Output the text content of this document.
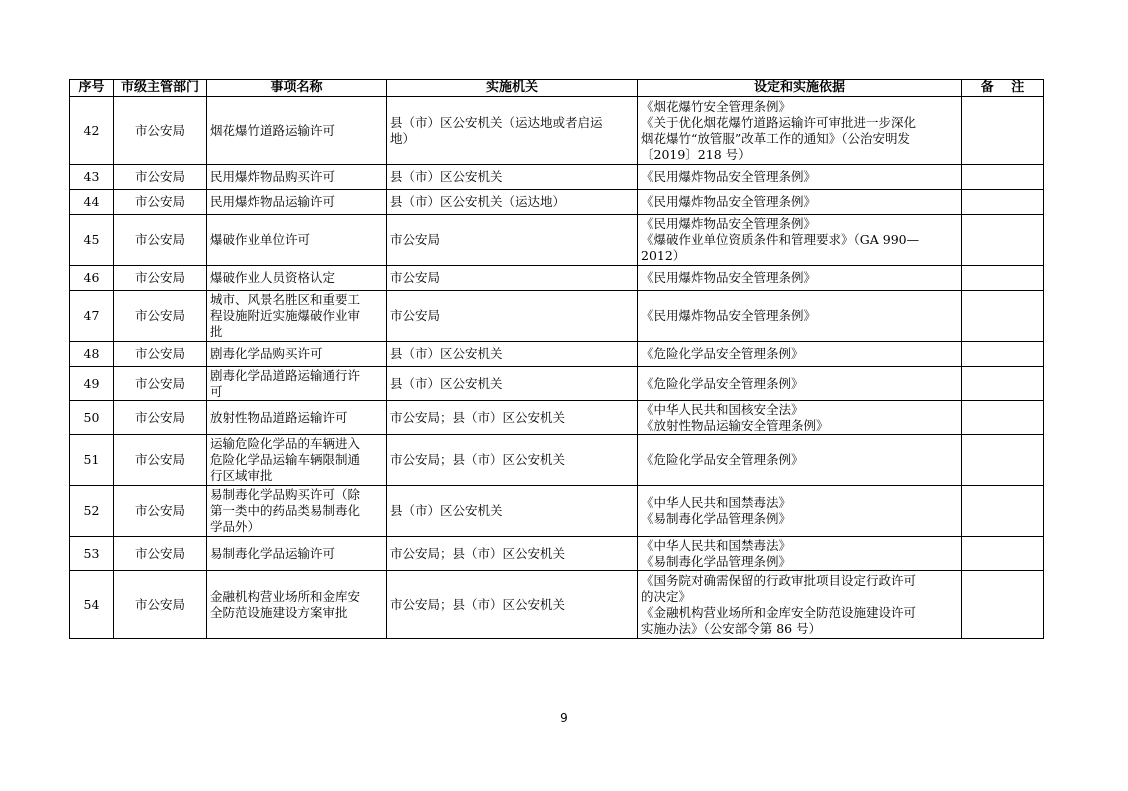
序号	市级主管部门	事项名称	实施机关	设定和实施依据	备　 注
42	市公安局	烟花爆竹道路运输许可	县（市）区公安机关（运达地或者启运
地）	《烟花爆竹安全管理条例》
《关于优化烟花爆竹道路运输许可审批进一步深化
烟花爆竹“放管服”改革工作的通知》（公治安明发
〔2019〕218 号）	

43	市公安局	民用爆炸物品购买许可	县（市）区公安机关	《民用爆炸物品安全管理条例》	

44	市公安局	民用爆炸物品运输许可	县（市）区公安机关（运达地）	《民用爆炸物品安全管理条例》	

45	市公安局	爆破作业单位许可	市公安局	《民用爆炸物品安全管理条例》
《爆破作业单位资质条件和管理要求》（GA 990—
2012）	

46	市公安局	爆破作业人员资格认定	市公安局	《民用爆炸物品安全管理条例》	

47	市公安局	城市、风景名胜区和重要工
程设施附近实施爆破作业审
批	市公安局	《民用爆炸物品安全管理条例》	

48	市公安局	剧毒化学品购买许可	县（市）区公安机关	《危险化学品安全管理条例》	

49	市公安局	剧毒化学品道路运输通行许
可	县（市）区公安机关	《危险化学品安全管理条例》	

50	市公安局	放射性物品道路运输许可	市公安局；县（市）区公安机关	《中华人民共和国核安全法》
《放射性物品运输安全管理条例》	

51	市公安局	运输危险化学品的车辆进入
危险化学品运输车辆限制通
行区域审批	市公安局；县（市）区公安机关	《危险化学品安全管理条例》	

52	市公安局	易制毒化学品购买许可（除
第一类中的药品类易制毒化
学品外）	县（市）区公安机关	《中华人民共和国禁毒法》
《易制毒化学品管理条例》	

53	市公安局	易制毒化学品运输许可	市公安局；县（市）区公安机关	《中华人民共和国禁毒法》
《易制毒化学品管理条例》	

54	市公安局	金融机构营业场所和金库安
全防范设施建设方案审批	市公安局；县（市）区公安机关	《国务院对确需保留的行政审批项目设定行政许可
的决定》
《金融机构营业场所和金库安全防范设施建设许可
实施办法》（公安部令第 86 号）	

9
